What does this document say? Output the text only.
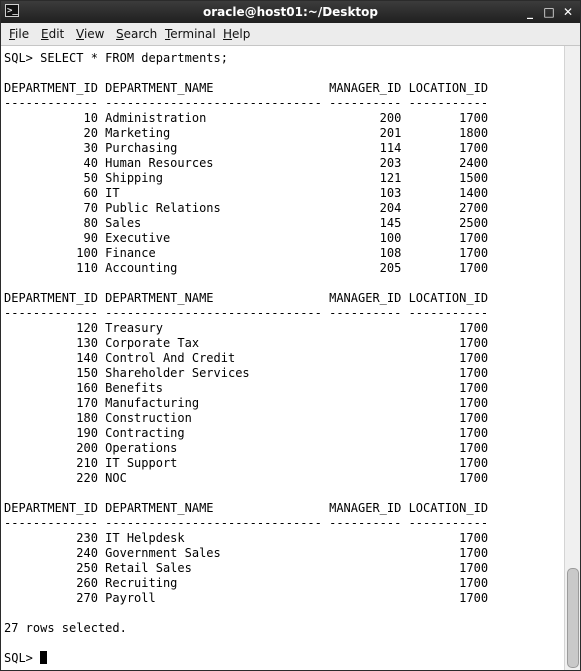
>_	oracle@host01:~/Desktop	_ □ ✕
File Edit View Search Terminal Help
SQL> SELECT * FROM departments;
DEPARTMENT_ID DEPARTMENT_NAME                MANAGER_ID LOCATION_ID
------------- ------------------------------ ---------- -----------
10 Administration                        200        1700
20 Marketing                             201        1800
30 Purchasing                            114        1700
40 Human Resources                       203        2400
50 Shipping                              121        1500
60 IT                                    103        1400
70 Public Relations                      204        2700
80 Sales                                 145        2500
90 Executive                             100        1700
100 Finance                               108        1700
110 Accounting                            205        1700
DEPARTMENT_ID DEPARTMENT_NAME                MANAGER_ID LOCATION_ID
------------- ------------------------------ ---------- -----------
120 Treasury                                         1700
130 Corporate Tax                                    1700
140 Control And Credit                               1700
150 Shareholder Services                             1700
160 Benefits                                         1700
170 Manufacturing                                    1700
180 Construction                                     1700
190 Contracting                                      1700
200 Operations                                       1700
210 IT Support                                       1700
220 NOC                                              1700
DEPARTMENT_ID DEPARTMENT_NAME                MANAGER_ID LOCATION_ID
------------- ------------------------------ ---------- -----------
230 IT Helpdesk                                      1700
240 Government Sales                                 1700
250 Retail Sales                                     1700
260 Recruiting                                       1700
270 Payroll                                          1700
27 rows selected.
SQL>
